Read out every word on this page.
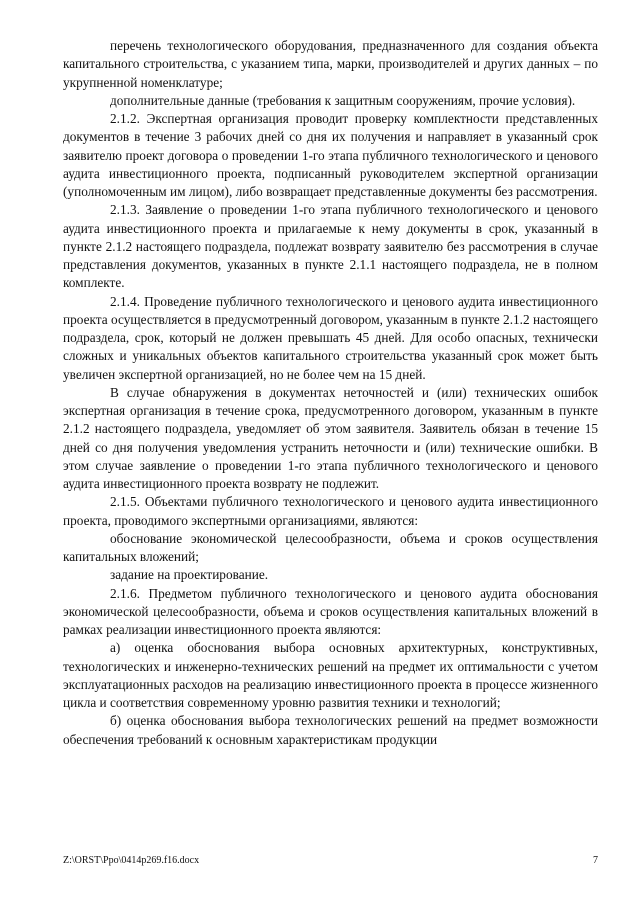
перечень технологического оборудования, предназначенного для создания объекта капитального строительства, с указанием типа, марки, производителей и других данных – по укрупненной номенклатуре;

дополнительные данные (требования к защитным сооружениям, прочие условия).

2.1.2. Экспертная организация проводит проверку комплектности представленных документов в течение 3 рабочих дней со дня их получения и направляет в указанный срок заявителю проект договора о проведении 1-го этапа публичного технологического и ценового аудита инвестиционного проекта, подписанный руководителем экспертной организации (уполномоченным им лицом), либо возвращает представленные документы без рассмотрения.

2.1.3. Заявление о проведении 1-го этапа публичного технологического и ценового аудита инвестиционного проекта и прилагаемые к нему документы в срок, указанный в пункте 2.1.2 настоящего подраздела, подлежат возврату заявителю без рассмотрения в случае представления документов, указанных в пункте 2.1.1 настоящего подраздела, не в полном комплекте.

2.1.4. Проведение публичного технологического и ценового аудита инвестиционного проекта осуществляется в предусмотренный договором, указанным в пункте 2.1.2 настоящего подраздела, срок, который не должен превышать 45 дней. Для особо опасных, технически сложных и уникальных объектов капитального строительства указанный срок может быть увеличен экспертной организацией, но не более чем на 15 дней.

В случае обнаружения в документах неточностей и (или) технических ошибок экспертная организация в течение срока, предусмотренного договором, указанным в пункте 2.1.2 настоящего подраздела, уведомляет об этом заявителя. Заявитель обязан в течение 15 дней со дня получения уведомления устранить неточности и (или) технические ошибки. В этом случае заявление о проведении 1-го этапа публичного технологического и ценового аудита инвестиционного проекта возврату не подлежит.

2.1.5. Объектами публичного технологического и ценового аудита инвестиционного проекта, проводимого экспертными организациями, являются:

обоснование экономической целесообразности, объема и сроков осуществления капитальных вложений;

задание на проектирование.

2.1.6. Предметом публичного технологического и ценового аудита обоснования экономической целесообразности, объема и сроков осуществления капитальных вложений в рамках реализации инвестиционного проекта являются:

а) оценка обоснования выбора основных архитектурных, конструктивных, технологических и инженерно-технических решений на предмет их оптимальности с учетом эксплуатационных расходов на реализацию инвестиционного проекта в процессе жизненного цикла и соответствия современному уровню развития техники и технологий;

б) оценка обоснования выбора технологических решений на предмет возможности обеспечения требований к основным характеристикам продукции

Z:\ORST\Ppo\0414p269.f16.docx	7
